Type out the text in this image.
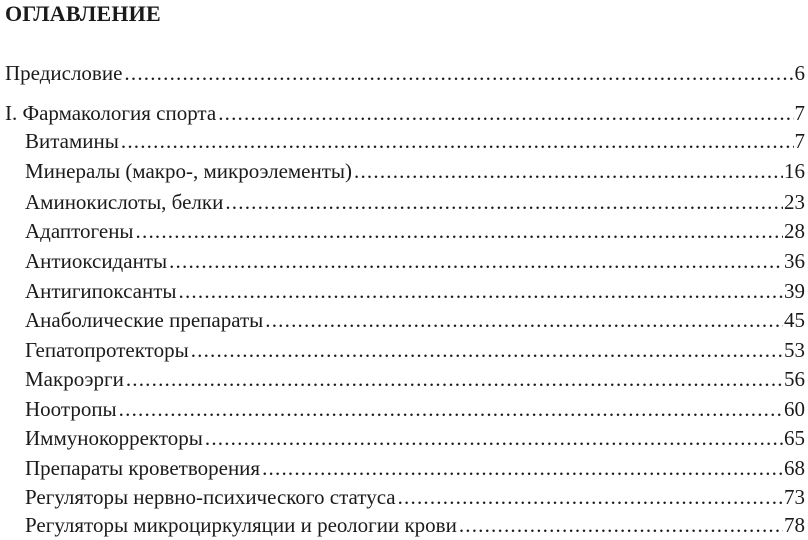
ОГЛАВЛЕНИЕ
Предисловие .....	6
I. Фармакология спорта .....	7
Витамины .....	7
Минералы (макро-, микроэлементы) .....	16
Аминокислоты, белки .....	23
Адаптогены .....	28
Антиоксиданты .....	36
Антигипоксанты .....	39
Анаболические препараты .....	45
Гепатопротекторы .....	53
Макроэрги .....	56
Ноотропы .....	60
Иммунокорректоры .....	65
Препараты кроветворения .....	68
Регуляторы нервно-психического статуса .....	73
Регуляторы микроциркуляции и реологии крови .....	78
